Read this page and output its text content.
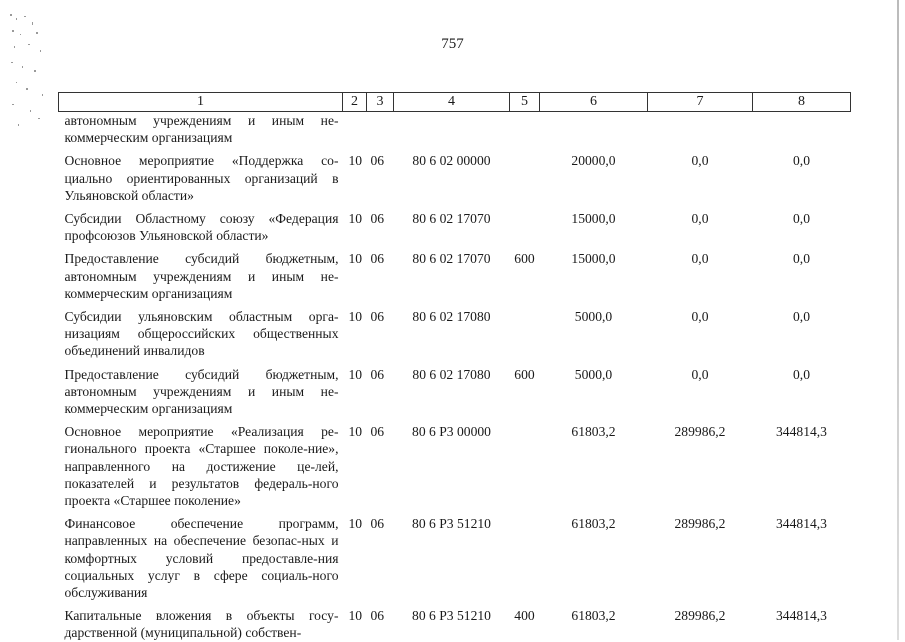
757
1	2	3	4	5	6	7	8
автономным учреждениям и иным не-коммерческим организациям							
Основное мероприятие «Поддержка со-циально ориентированных организаций в Ульяновской области»	10	06	80 6 02 00000		20000,0	0,0	0,0
Субсидии Областному союзу «Федерация профсоюзов Ульяновской области»	10	06	80 6 02 17070		15000,0	0,0	0,0
Предоставление субсидий бюджетным, автономным учреждениям и иным не-коммерческим организациям	10	06	80 6 02 17070	600	15000,0	0,0	0,0
Субсидии ульяновским областным орга-низациям общероссийских общественных объединений инвалидов	10	06	80 6 02 17080		5000,0	0,0	0,0
Предоставление субсидий бюджетным, автономным учреждениям и иным не-коммерческим организациям	10	06	80 6 02 17080	600	5000,0	0,0	0,0
Основное мероприятие «Реализация ре-гионального проекта «Старшее поколе-ние», направленного на достижение це-лей, показателей и результатов федераль-ного проекта «Старшее поколение»	10	06	80 6 P3 00000		61803,2	289986,2	344814,3
Финансовое обеспечение программ, направленных на обеспечение безопас-ных и комфортных условий предоставле-ния социальных услуг в сфере социаль-ного обслуживания	10	06	80 6 P3 51210		61803,2	289986,2	344814,3
Капитальные вложения в объекты госу-дарственной (муниципальной) собствен-	10	06	80 6 P3 51210	400	61803,2	289986,2	344814,3
